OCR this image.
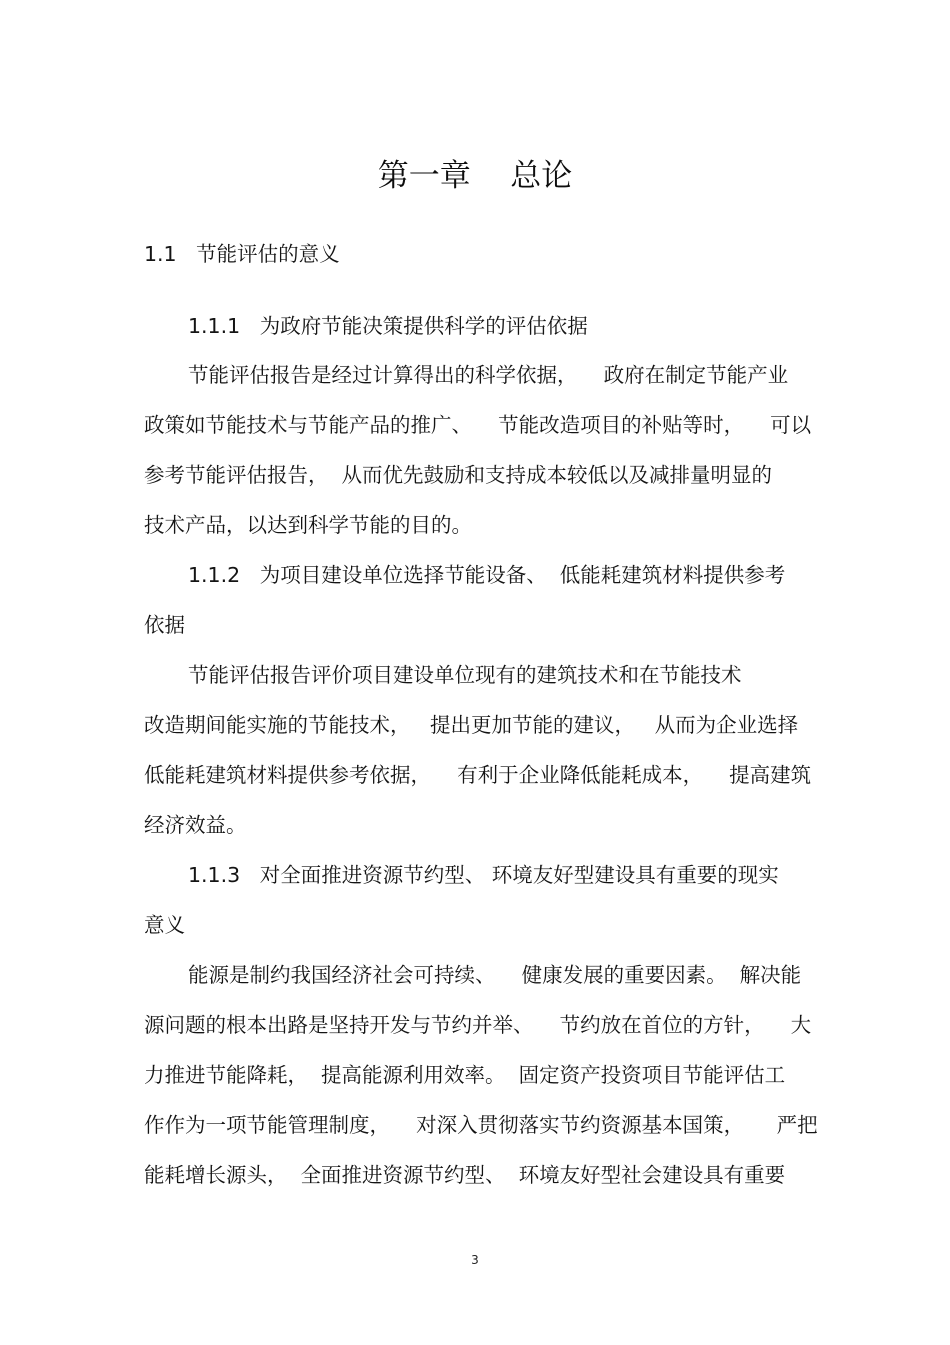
第一章    总论
1.1   节能评估的意义
1.1.1   为政府节能决策提供科学的评估依据
节能评估报告是经过计算得出的科学依据，    政府在制定节能产业
政策如节能技术与节能产品的推广、    节能改造项目的补贴等时，    可以
参考节能评估报告，  从而优先鼓励和支持成本较低以及减排量明显的
技术产品，以达到科学节能的目的。
1.1.2   为项目建设单位选择节能设备、  低能耗建筑材料提供参考
依据
节能评估报告评价项目建设单位现有的建筑技术和在节能技术
改造期间能实施的节能技术，   提出更加节能的建议，   从而为企业选择
低能耗建筑材料提供参考依据，    有利于企业降低能耗成本，    提高建筑
经济效益。
1.1.3   对全面推进资源节约型、 环境友好型建设具有重要的现实
意义
能源是制约我国经济社会可持续、    健康发展的重要因素。  解决能
源问题的根本出路是坚持开发与节约并举、    节约放在首位的方针，    大
力推进节能降耗，  提高能源利用效率。  固定资产投资项目节能评估工
作作为一项节能管理制度，    对深入贯彻落实节约资源基本国策，     严把
能耗增长源头，  全面推进资源节约型、  环境友好型社会建设具有重要
3
